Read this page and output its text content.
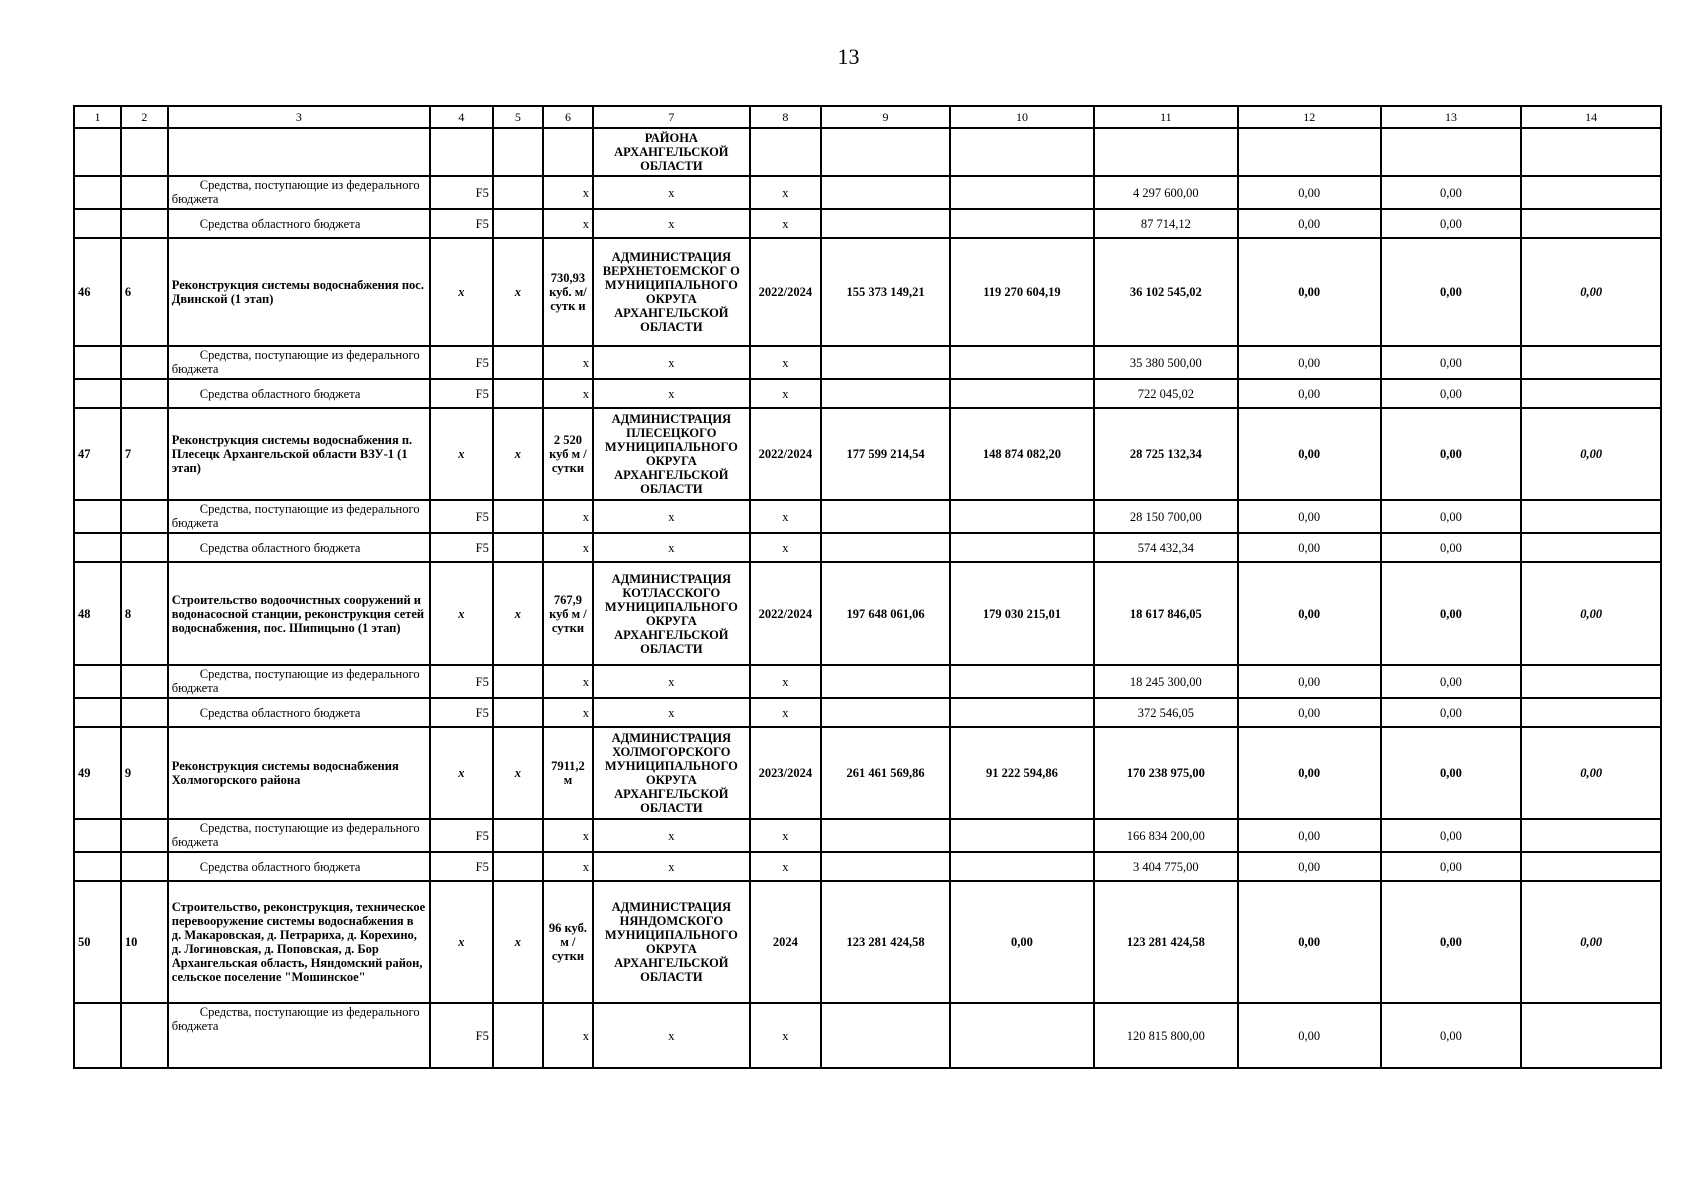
13
1	2	3	4	5	6	7	8	9	10	11	12	13	14
						РАЙОНА АРХАНГЕЛЬСКОЙ ОБЛАСТИ							

		Средства, поступающие из федерального бюджета	F5		х	х	х			4 297 600,00	0,00	0,00	

		Средства областного бюджета	F5		х	х	х			87 714,12	0,00	0,00	
46	6	Реконструкция системы водоснабжения пос. Двинской (1 этап)	х	х	730,93 куб. м/сутк и	АДМИНИСТРАЦИЯ ВЕРХНЕТОЕМСКОГ О МУНИЦИПАЛЬНОГО ОКРУГА АРХАНГЕЛЬСКОЙ ОБЛАСТИ	2022/2024	155 373 149,21	119 270 604,19	36 102 545,02	0,00	0,00	0,00

		Средства, поступающие из федерального бюджета	F5		х	х	х			35 380 500,00	0,00	0,00	

		Средства областного бюджета	F5		х	х	х			722 045,02	0,00	0,00	
47	7	Реконструкция системы водоснабжения п. Плесецк Архангельской области ВЗУ-1 (1 этап)	х	х	2 520 куб м / сутки	АДМИНИСТРАЦИЯ ПЛЕСЕЦКОГО МУНИЦИПАЛЬНОГО ОКРУГА АРХАНГЕЛЬСКОЙ ОБЛАСТИ	2022/2024	177 599 214,54	148 874 082,20	28 725 132,34	0,00	0,00	0,00

		Средства, поступающие из федерального бюджета	F5		х	х	х			28 150 700,00	0,00	0,00	

		Средства областного бюджета	F5		х	х	х			574 432,34	0,00	0,00	
48	8	Строительство водоочистных сооружений и водонасосной станции, реконструкция сетей водоснабжения, пос. Шипицыно (1 этап)	х	х	767,9 куб м / сутки	АДМИНИСТРАЦИЯ КОТЛАССКОГО МУНИЦИПАЛЬНОГО ОКРУГА АРХАНГЕЛЬСКОЙ ОБЛАСТИ	2022/2024	197 648 061,06	179 030 215,01	18 617 846,05	0,00	0,00	0,00

		Средства, поступающие из федерального бюджета	F5		х	х	х			18 245 300,00	0,00	0,00	

		Средства областного бюджета	F5		х	х	х			372 546,05	0,00	0,00	
49	9	Реконструкция системы водоснабжения Холмогорского района	х	х	7911,2 м	АДМИНИСТРАЦИЯ ХОЛМОГОРСКОГО МУНИЦИПАЛЬНОГО ОКРУГА АРХАНГЕЛЬСКОЙ ОБЛАСТИ	2023/2024	261 461 569,86	91 222 594,86	170 238 975,00	0,00	0,00	0,00

		Средства, поступающие из федерального бюджета	F5		х	х	х			166 834 200,00	0,00	0,00	

		Средства областного бюджета	F5		х	х	х			3 404 775,00	0,00	0,00	
50	10	Строительство, реконструкция, техническое перевооружение системы водоснабжения в д. Макаровская, д. Петрариха, д. Корехино, д. Логиновская, д. Поповская, д. Бор Архангельская область, Няндомский район, сельское поселение "Мошинское"	х	х	96 куб. м / сутки	АДМИНИСТРАЦИЯ НЯНДОМСКОГО МУНИЦИПАЛЬНОГО ОКРУГА АРХАНГЕЛЬСКОЙ ОБЛАСТИ	2024	123 281 424,58	0,00	123 281 424,58	0,00	0,00	0,00

		Средства, поступающие из федерального бюджета	F5		х	х	х			120 815 800,00	0,00	0,00	
